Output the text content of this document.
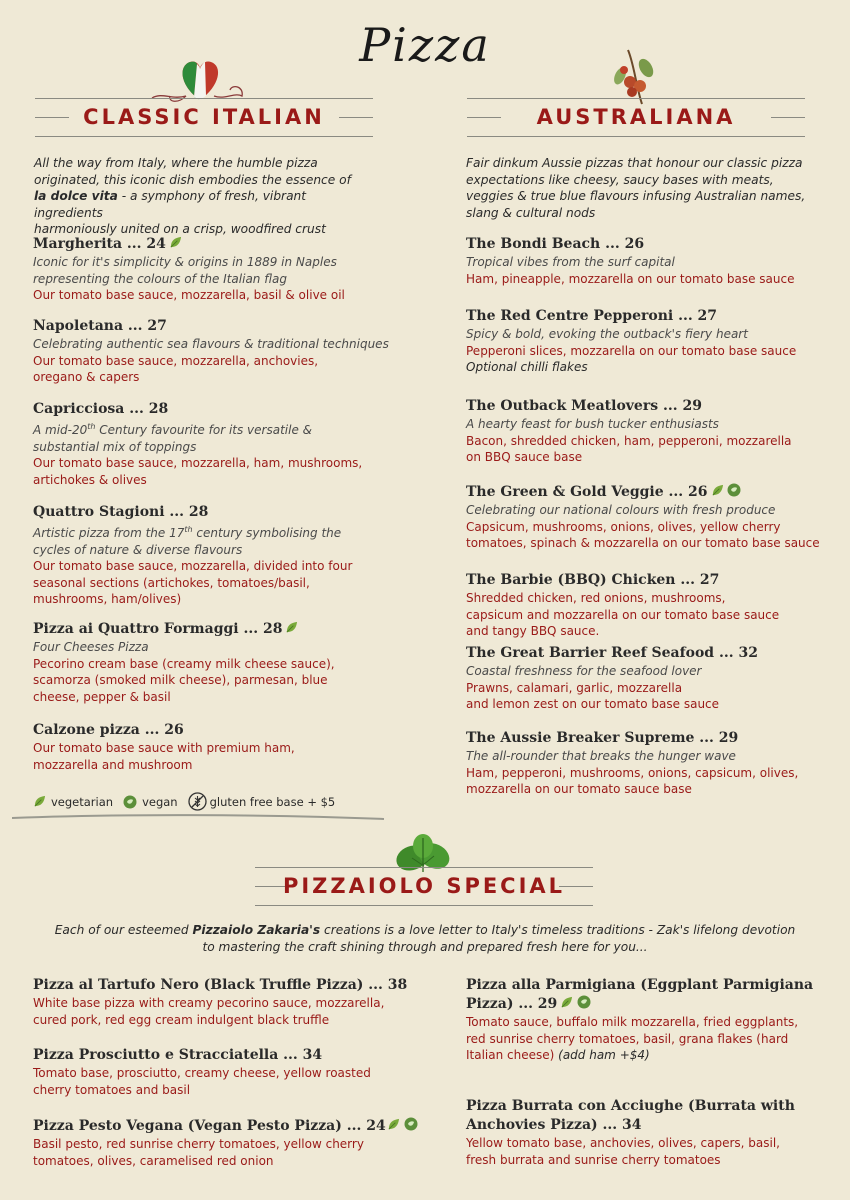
Pizza
CLASSIC ITALIAN	AUSTRALIANA
All the way from Italy, where the humble pizza
originated, this iconic dish embodies the essence of
la dolce vita - a symphony of fresh, vibrant ingredients
harmoniously united on a crisp, woodfired crust
Fair dinkum Aussie pizzas that honour our classic pizza
expectations like cheesy, saucy bases with meats,
veggies & true blue flavours infusing Australian names,
slang & cultural nods
Margherita ... 24
Iconic for it's simplicity & origins in 1889 in Naples
representing the colours of the Italian flag
Our tomato base sauce, mozzarella, basil & olive oil
Napoletana ... 27
Celebrating authentic sea flavours & traditional techniques
Our tomato base sauce, mozzarella, anchovies,
oregano & capers
Capricciosa ... 28
A mid-20th Century favourite for its versatile &
substantial mix of toppings
Our tomato base sauce, mozzarella, ham, mushrooms,
artichokes & olives
Quattro Stagioni ... 28
Artistic pizza from the 17th century symbolising the
cycles of nature & diverse flavours
Our tomato base sauce, mozzarella, divided into four
seasonal sections (artichokes, tomatoes/basil,
mushrooms, ham/olives)
Pizza ai Quattro Formaggi ... 28
Four Cheeses Pizza
Pecorino cream base (creamy milk cheese sauce),
scamorza (smoked milk cheese), parmesan, blue
cheese, pepper & basil
Calzone pizza ... 26
Our tomato base sauce with premium ham,
mozzarella and mushroom
vegetarian	vegan	gluten free base + $5
The Bondi Beach ... 26
Tropical vibes from the surf capital
Ham, pineapple, mozzarella on our tomato base sauce
The Red Centre Pepperoni ... 27
Spicy & bold, evoking the outback's fiery heart
Pepperoni slices, mozzarella on our tomato base sauce
Optional chilli flakes
The Outback Meatlovers ... 29
A hearty feast for bush tucker enthusiasts
Bacon, shredded chicken, ham, pepperoni, mozzarella
on BBQ sauce base
The Green & Gold Veggie ... 26
Celebrating our national colours with fresh produce
Capsicum, mushrooms, onions, olives, yellow cherry
tomatoes, spinach & mozzarella on our tomato base sauce
The Barbie (BBQ) Chicken ... 27
Shredded chicken, red onions, mushrooms,
capsicum and mozzarella on our tomato base sauce
and tangy BBQ sauce.
The Great Barrier Reef Seafood ... 32
Coastal freshness for the seafood lover
Prawns, calamari, garlic, mozzarella
and lemon zest on our tomato base sauce
The Aussie Breaker Supreme ... 29
The all-rounder that breaks the hunger wave
Ham, pepperoni, mushrooms, onions, capsicum, olives,
mozzarella on our tomato sauce base
PIZZAIOLO SPECIAL
Each of our esteemed Pizzaiolo Zakaria's creations is a love letter to Italy's timeless traditions - Zak's lifelong devotion
to mastering the craft shining through and prepared fresh here for you...
Pizza al Tartufo Nero (Black Truffle Pizza) ... 38
White base pizza with creamy pecorino sauce, mozzarella,
cured pork, red egg cream indulgent black truffle
Pizza Prosciutto e Stracciatella ... 34
Tomato base, prosciutto, creamy cheese, yellow roasted
cherry tomatoes and basil
Pizza Pesto Vegana (Vegan Pesto Pizza) ... 24
Basil pesto, red sunrise cherry tomatoes, yellow cherry
tomatoes, olives, caramelised red onion
Pizza alla Parmigiana (Eggplant Parmigiana
Pizza) ... 29
Tomato sauce, buffalo milk mozzarella, fried eggplants,
red sunrise cherry tomatoes, basil, grana flakes (hard
Italian cheese) (add ham +$4)
Pizza Burrata con Acciughe (Burrata with
Anchovies Pizza) ... 34
Yellow tomato base, anchovies, olives, capers, basil,
fresh burrata and sunrise cherry tomatoes
